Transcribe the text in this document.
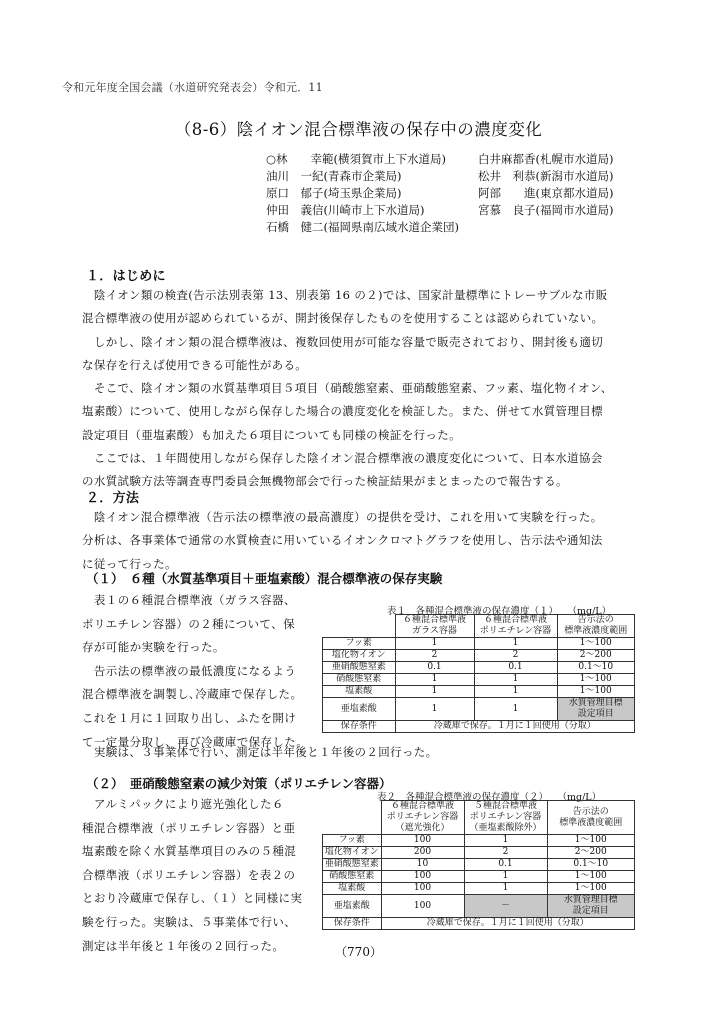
令和元年度全国会議（水道研究発表会）令和元．11
（8-6）陰イオン混合標準液の保存中の濃度変化
○林　　幸範(横須賀市上下水道局)	白井麻都香(札幌市水道局)
油川　一紀(青森市企業局)	松井　利恭(新潟市水道局)
原口　郁子(埼玉県企業局)	阿部　　進(東京都水道局)
仲田　義信(川崎市上下水道局)	宮慕　良子(福岡市水道局)
石橋　健二(福岡県南広域水道企業団)
１．はじめに
　陰イオン類の検査(告示法別表第 13、別表第 16 の２)では、国家計量標準にトレーサブルな市販
混合標準液の使用が認められているが、開封後保存したものを使用することは認められていない。
　しかし、陰イオン類の混合標準液は、複数回使用が可能な容量で販売されており、開封後も適切
な保存を行えば使用できる可能性がある。
　そこで、陰イオン類の水質基準項目５項目（硝酸態窒素、亜硝酸態窒素、フッ素、塩化物イオン、
塩素酸）について、使用しながら保存した場合の濃度変化を検証した。また、併せて水質管理目標
設定項目（亜塩素酸）も加えた６項目についても同様の検証を行った。
　ここでは、１年間使用しながら保存した陰イオン混合標準液の濃度変化について、日本水道協会
の水質試験方法等調査専門委員会無機物部会で行った検証結果がまとまったので報告する。
２．方法
　陰イオン混合標準液（告示法の標準液の最高濃度）の提供を受け、これを用いて実験を行った。
分析は、各事業体で通常の水質検査に用いているイオンクロマトグラフを使用し、告示法や通知法
に従って行った。
（１）　６種（水質基準項目＋亜塩素酸）混合標準液の保存実験
　表１の６種混合標準液（ガラス容器、
ポリエチレン容器）の２種について、保
存が可能か実験を行った。
　告示法の標準液の最低濃度になるよう
混合標準液を調製し､冷蔵庫で保存した。
これを１月に１回取り出し、ふたを開け
て一定量分取し、再び冷蔵庫で保存した。
表１　各種混合標準液の保存濃度（１）　　（mg/L）
	６種混合標準液
ガラス容器	６種混合標準液
ポリエチレン容器	告示法の
標準液濃度範囲
フッ素	1	1	1～100
塩化物イオン	2	2	2～200
亜硝酸態窒素	0.1	0.1	0.1～10
硝酸態窒素	1	1	1～100
塩素酸	1	1	1～100
亜塩素酸	1	1	水質管理目標
設定項目
保存条件	冷蔵庫で保存。１月に１回使用（分取）		
　実験は、３事業体で行い、測定は半年後と１年後の２回行った。
（２）　亜硝酸態窒素の減少対策（ポリエチレン容器）
　アルミパックにより遮光強化した６
種混合標準液（ポリエチレン容器）と亜
塩素酸を除く水質基準項目のみの５種混
合標準液（ポリエチレン容器）を表２の
とおり冷蔵庫で保存し､（１）と同様に実
験を行った。実験は、５事業体で行い、
測定は半年後と１年後の２回行った。
表２　各種混合標準液の保存濃度（２）　　（mg/L）
	６種混合標準液
ポリエチレン容器
（遮光強化）	５種混合標準液
ポリエチレン容器
（亜塩素酸除外）	告示法の
標準液濃度範囲
フッ素	100	1	1～100
塩化物イオン	200	2	2～200
亜硝酸態窒素	10	0.1	0.1～10
硝酸態窒素	100	1	1～100
塩素酸	100	1	1～100
亜塩素酸	100	－	水質管理目標
設定項目
保存条件	冷蔵庫で保存。１月に１回使用（分取）		
（770）
